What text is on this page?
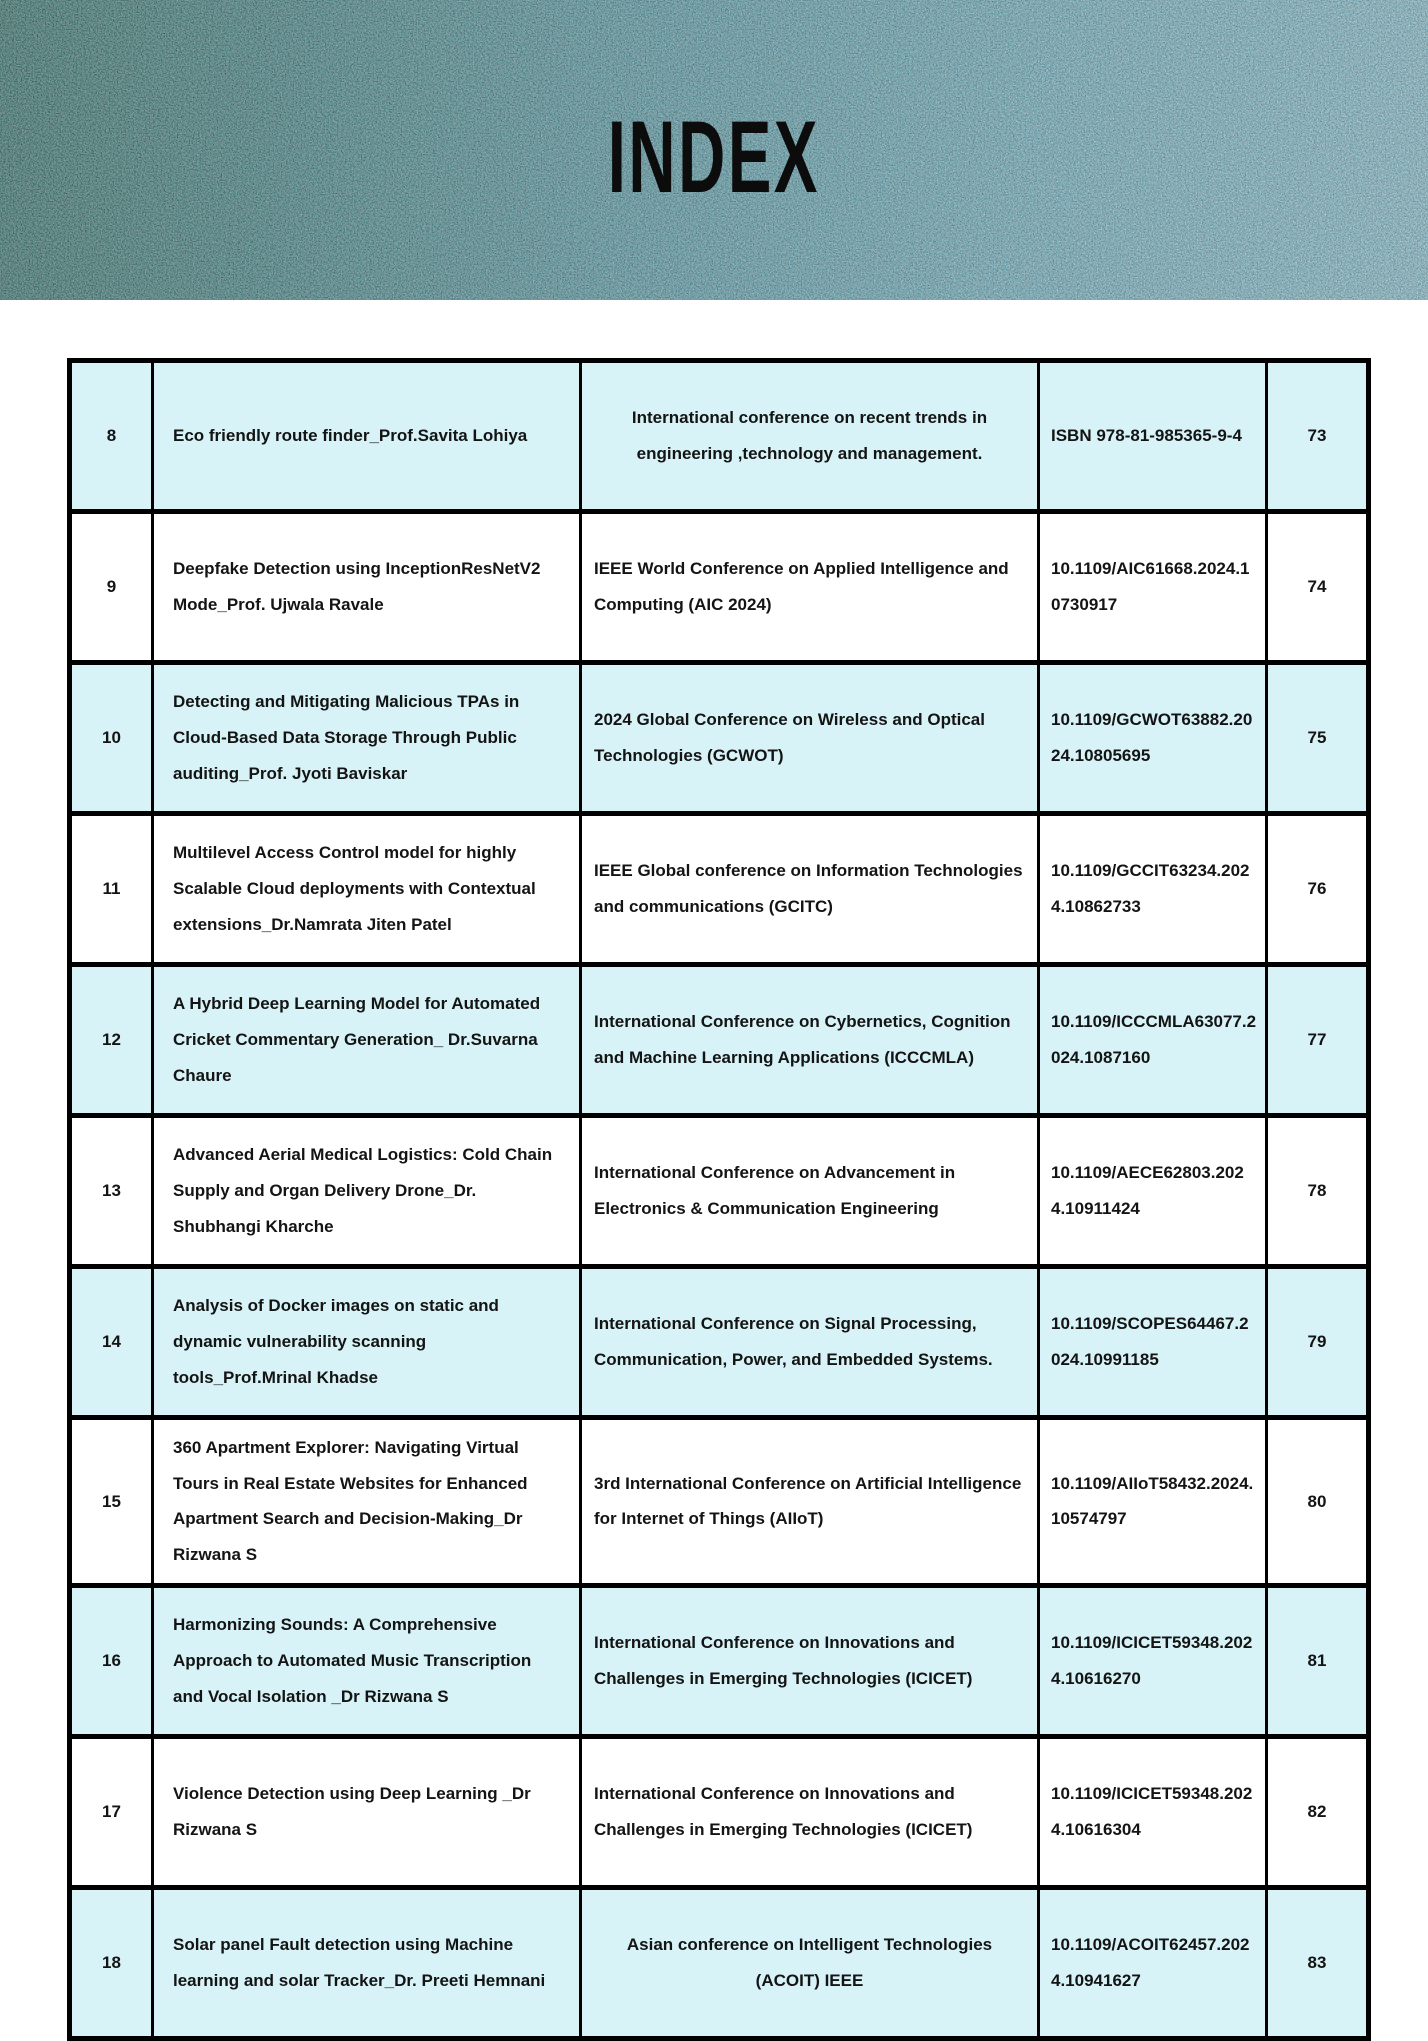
INDEX
8	Eco friendly route finder_Prof.Savita Lohiya	International conference on recent trends in engineering ,technology and management.	ISBN 978-81-985365-9-4	73
9	Deepfake Detection using InceptionResNetV2 Mode_Prof. Ujwala Ravale	IEEE World Conference on Applied Intelligence and Computing (AIC 2024)	10.1109/AIC61668.2024.10730917	74
10	Detecting and Mitigating Malicious TPAs in Cloud-Based Data Storage Through Public auditing_Prof. Jyoti Baviskar	2024 Global Conference on Wireless and Optical Technologies (GCWOT)	10.1109/GCWOT63882.2024.10805695	75
11	Multilevel Access Control model for highly Scalable Cloud deployments with Contextual extensions_Dr.Namrata Jiten Patel	IEEE Global conference on Information Technologies and communications (GCITC)	10.1109/GCCIT63234.2024.10862733	76
12	A Hybrid Deep Learning Model for Automated Cricket Commentary Generation_ Dr.Suvarna Chaure	International Conference on Cybernetics, Cognition and Machine Learning Applications (ICCCMLA)	10.1109/ICCCMLA63077.2024.1087160	77
13	Advanced Aerial Medical Logistics: Cold Chain Supply and Organ Delivery Drone_Dr. Shubhangi Kharche	International Conference on Advancement in Electronics & Communication Engineering	10.1109/AECE62803.2024.10911424	78
14	Analysis of Docker images on static and dynamic vulnerability scanning tools_Prof.Mrinal Khadse	International Conference on Signal Processing, Communication, Power, and Embedded Systems.	10.1109/SCOPES64467.2024.10991185	79
15	360 Apartment Explorer: Navigating Virtual Tours in Real Estate Websites for Enhanced Apartment Search and Decision-Making_Dr Rizwana S	3rd International Conference on Artificial Intelligence for Internet of Things (AIIoT)	10.1109/AIIoT58432.2024.10574797	80
16	Harmonizing Sounds: A Comprehensive Approach to Automated Music Transcription and Vocal Isolation _Dr Rizwana S	International Conference on Innovations and Challenges in Emerging Technologies (ICICET)	10.1109/ICICET59348.2024.10616270	81
17	Violence Detection using Deep Learning _Dr Rizwana S	International Conference on Innovations and Challenges in Emerging Technologies (ICICET)	10.1109/ICICET59348.2024.10616304	82
18	Solar panel Fault detection using Machine learning and solar Tracker_Dr. Preeti Hemnani	Asian conference on Intelligent Technologies (ACOIT) IEEE	10.1109/ACOIT62457.2024.10941627	83
